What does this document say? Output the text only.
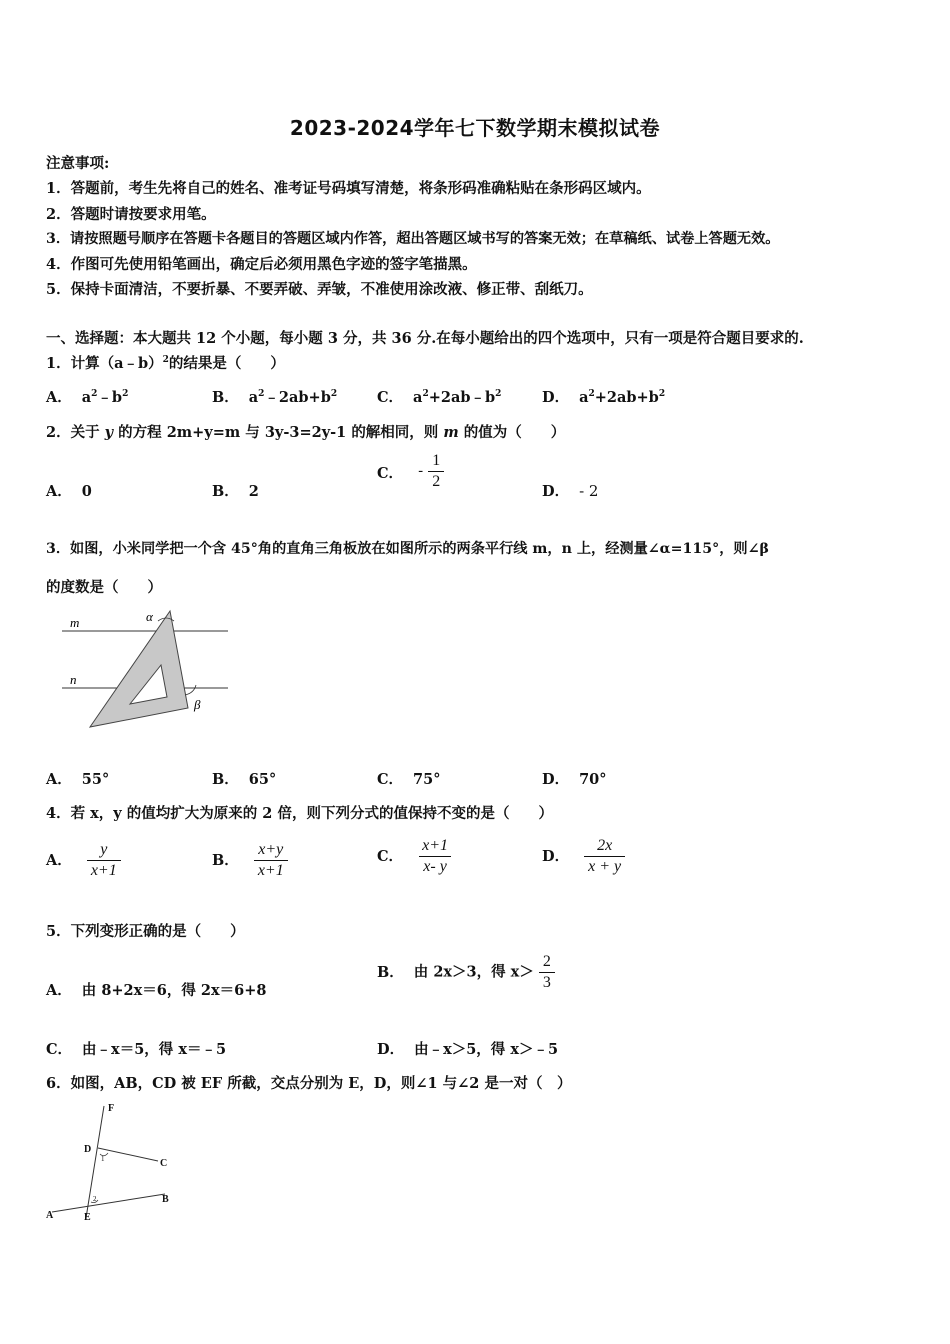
2023-2024学年七下数学期末模拟试卷
注意事项:
1．答题前，考生先将自己的姓名、准考证号码填写清楚，将条形码准确粘贴在条形码区域内。
2．答题时请按要求用笔。
3．请按照题号顺序在答题卡各题目的答题区域内作答，超出答题区域书写的答案无效；在草稿纸、试卷上答题无效。
4．作图可先使用铅笔画出，确定后必须用黑色字迹的签字笔描黑。
5．保持卡面清洁，不要折暴、不要弄破、弄皱，不准使用涂改液、修正带、刮纸刀。
一、选择题：本大题共 12 个小题，每小题 3 分，共 36 分.在每小题给出的四个选项中，只有一项是符合题目要求的.
1．计算（a﹣b）$^2$的结果是（　　）
A． $a^2﹣b^2$	B． $a^2﹣2ab+b^2$	C． $a^2+2ab﹣b^2$	D． $a^2+2ab+b^2$
2．关于 y 的方程 2m+y=m 与 3y-3=2y-1 的解相同，则 m 的值为（　　）
A． 0	B． 2
C． - $\frac{1}{2}$
D． - 2
3．如图，小米同学把一个含 45°角的直角三角板放在如图所示的两条平行线 m，n 上，经测量∠α=115°，则∠β
的度数是（　　）
m
n
α
β
A． 55°	B． 65°	C． 75°	D． 70°
4．若 x，y 的值均扩大为原来的 2 倍，则下列分式的值保持不变的是（　　）
A． $\frac{y}{x+1}$	B． $\frac{x+y}{x+1}$	C． $\frac{x+1}{x- y}$	D． $\frac{2x}{x + y}$
5．下列变形正确的是（　　）
A． 由 8+2x＝6，得 2x＝6+8
B． 由 2x＞3，得 $x> \frac{2}{3}$
C． 由﹣x＝5，得 x＝﹣5	D． 由﹣x＞5，得 x＞﹣5
6．如图，AB，CD 被 EF 所截，交点分别为 E，D，则∠1 与∠2 是一对（　）
F
D
C
A	E
B
1
2
